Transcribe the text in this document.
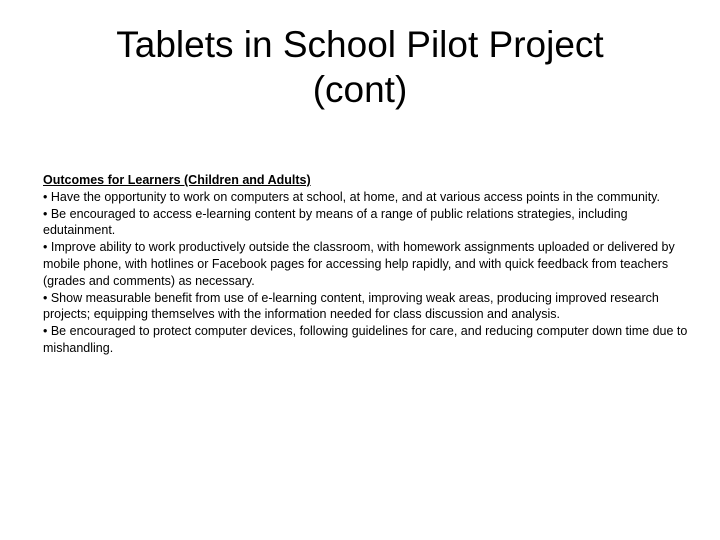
Tablets in School Pilot Project
(cont)
Outcomes for Learners (Children and Adults)

• Have the opportunity to work on computers at school, at home, and at various access points in the community.

• Be encouraged to access e-learning content by means of a range of public relations strategies, including edutainment.

• Improve ability to work productively outside the classroom, with homework assignments uploaded or delivered by mobile phone, with hotlines or Facebook pages for accessing help rapidly, and with quick feedback from teachers (grades and comments) as necessary.

• Show measurable benefit from use of e-learning content, improving weak areas, producing improved research projects; equipping themselves with the information needed for class discussion and analysis.

• Be encouraged to protect computer devices, following guidelines for care, and reducing computer down time due to mishandling.
